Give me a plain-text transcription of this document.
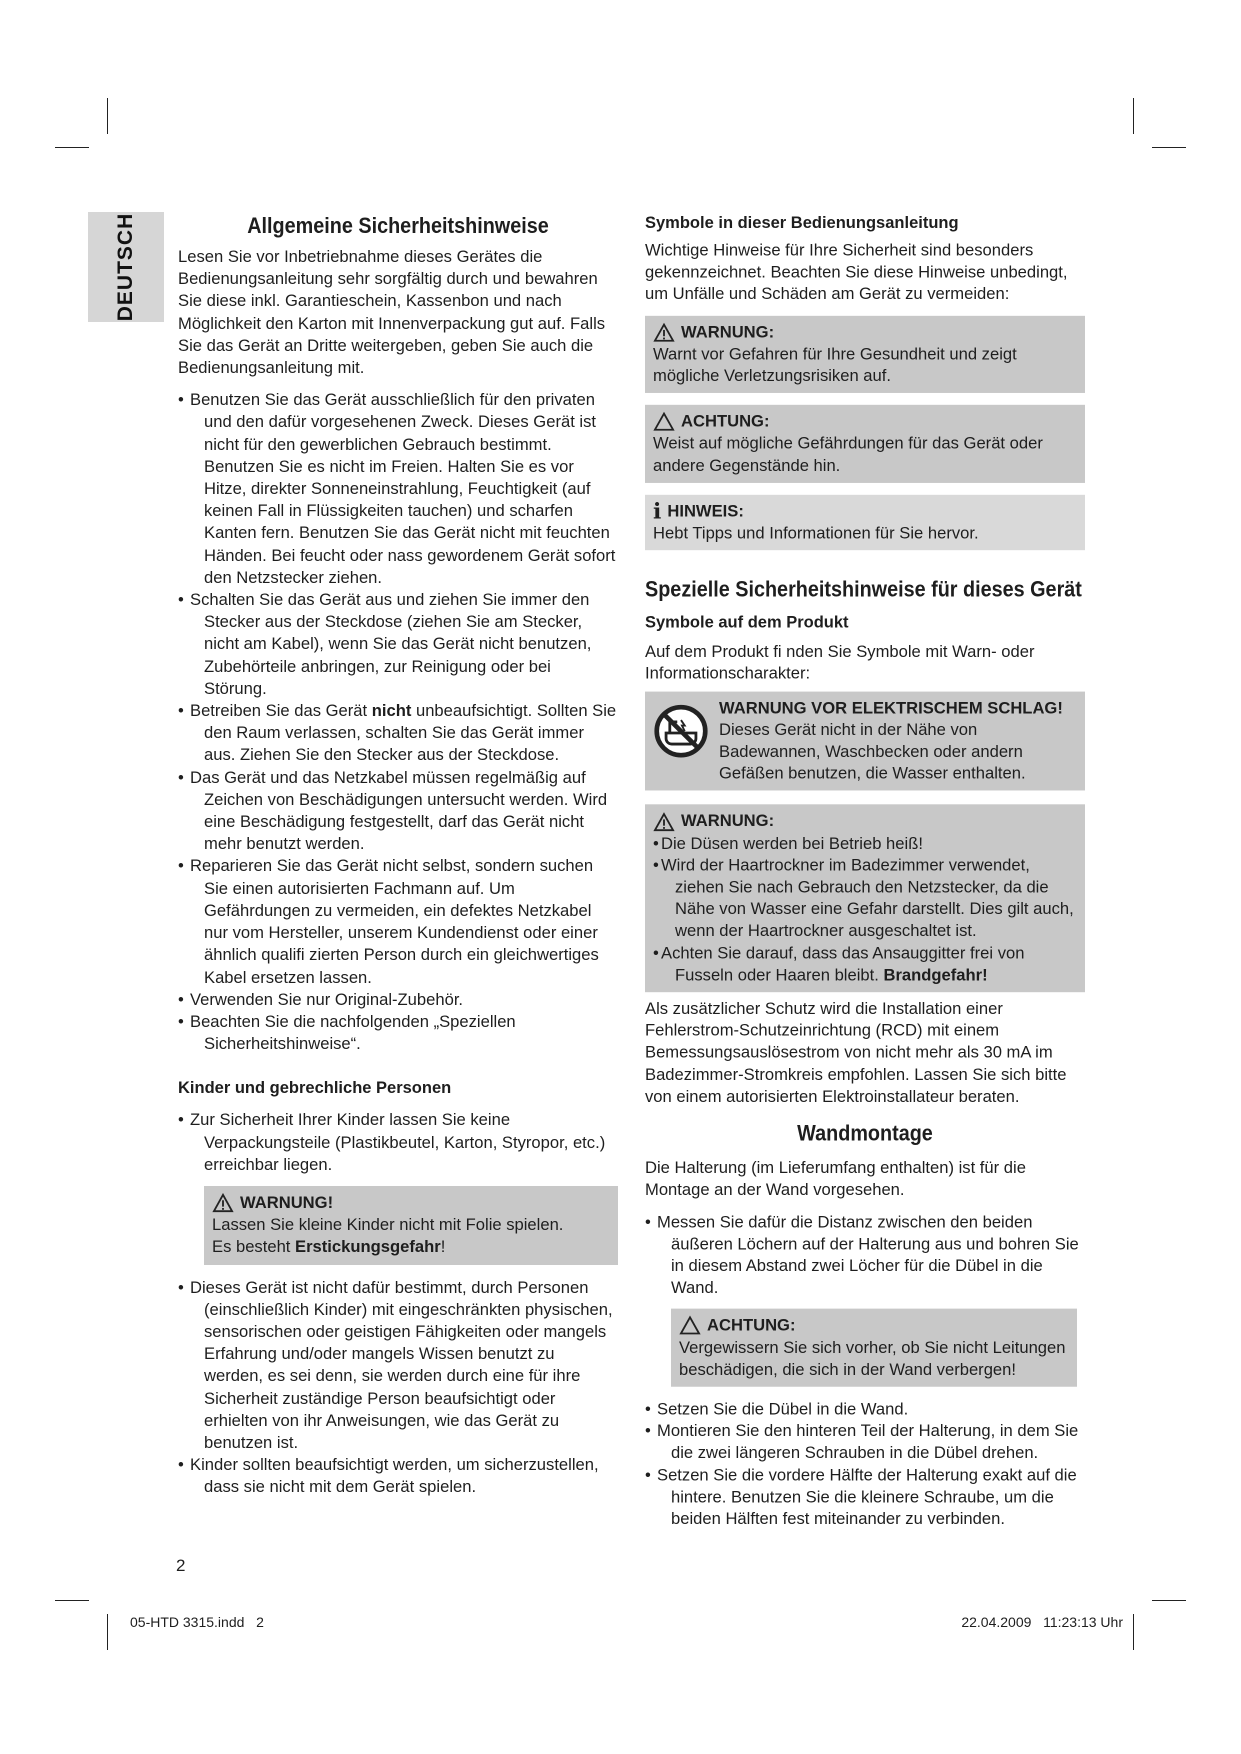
DEUTSCH	Allgemeine Sicherheitshinweise

Lesen Sie vor Inbetriebnahme dieses Gerätes die Bedienungsanleitung sehr sorgfältig durch und bewahren Sie diese inkl. Garantieschein, Kassenbon und nach Möglichkeit den Karton mit Innenverpackung gut auf. Falls Sie das Gerät an Dritte weitergeben, geben Sie auch die Bedienungsanleitung mit.

• Benutzen Sie das Gerät ausschließlich für den privaten und den dafür vorgesehenen Zweck. Dieses Gerät ist nicht für den gewerblichen Gebrauch bestimmt. Benutzen Sie es nicht im Freien. Halten Sie es vor Hitze, direkter Sonneneinstrahlung, Feuchtigkeit (auf keinen Fall in Flüssigkeiten tauchen) und scharfen Kanten fern. Benutzen Sie das Gerät nicht mit feuchten Händen. Bei feucht oder nass gewordenem Gerät sofort den Netzstecker ziehen.
• Schalten Sie das Gerät aus und ziehen Sie immer den Stecker aus der Steckdose (ziehen Sie am Stecker, nicht am Kabel), wenn Sie das Gerät nicht benutzen, Zubehörteile anbringen, zur Reinigung oder bei Störung.
• Betreiben Sie das Gerät nicht unbeaufsichtigt. Sollten Sie den Raum verlassen, schalten Sie das Gerät immer aus. Ziehen Sie den Stecker aus der Steckdose.
• Das Gerät und das Netzkabel müssen regelmäßig auf Zeichen von Beschädigungen untersucht werden. Wird eine Beschädigung festgestellt, darf das Gerät nicht mehr benutzt werden.
• Reparieren Sie das Gerät nicht selbst, sondern suchen Sie einen autorisierten Fachmann auf. Um Gefährdungen zu vermeiden, ein defektes Netzkabel nur vom Hersteller, unserem Kundendienst oder einer ähnlich qualifi zierten Person durch ein gleichwertiges Kabel ersetzen lassen.
• Verwenden Sie nur Original-Zubehör.
• Beachten Sie die nachfolgenden „Speziellen Sicherheitshinweise“.
Kinder und gebrechliche Personen
• Zur Sicherheit Ihrer Kinder lassen Sie keine Verpackungsteile (Plastikbeutel, Karton, Styropor, etc.) erreichbar liegen.
WARNUNG!
Lassen Sie kleine Kinder nicht mit Folie spielen.
Es besteht Erstickungsgefahr!
• Dieses Gerät ist nicht dafür bestimmt, durch Personen (einschließlich Kinder) mit eingeschränkten physischen, sensorischen oder geistigen Fähigkeiten oder mangels Erfahrung und/oder mangels Wissen benutzt zu werden, es sei denn, sie werden durch eine für ihre Sicherheit zuständige Person beaufsichtigt oder erhielten von ihr Anweisungen, wie das Gerät zu benutzen ist.
• Kinder sollten beaufsichtigt werden, um sicherzustellen, dass sie nicht mit dem Gerät spielen.
Symbole in dieser Bedienungsanleitung

Wichtige Hinweise für Ihre Sicherheit sind besonders gekennzeichnet. Beachten Sie diese Hinweise unbedingt, um Unfälle und Schäden am Gerät zu vermeiden:

WARNUNG:
Warnt vor Gefahren für Ihre Gesundheit und zeigt mögliche Verletzungsrisiken auf.
ACHTUNG:
Weist auf mögliche Gefährdungen für das Gerät oder andere Gegenstände hin.
i HINWEIS:
Hebt Tipps und Informationen für Sie hervor.
Spezielle Sicherheitshinweise für dieses Gerät
Symbole auf dem Produkt

Auf dem Produkt fi nden Sie Symbole mit Warn- oder Informationscharakter:

WARNUNG VOR ELEKTRISCHEM SCHLAG!
Dieses Gerät nicht in der Nähe von Badewannen, Waschbecken oder andern Gefäßen benutzen, die Wasser enthalten.
WARNUNG:
• Die Düsen werden bei Betrieb heiß!
• Wird der Haartrockner im Badezimmer verwendet, ziehen Sie nach Gebrauch den Netzstecker, da die Nähe von Wasser eine Gefahr darstellt. Dies gilt auch, wenn der Haartrockner ausgeschaltet ist.
• Achten Sie darauf, dass das Ansauggitter frei von Fusseln oder Haaren bleibt. Brandgefahr!

Als zusätzlicher Schutz wird die Installation einer Fehlerstrom-Schutzeinrichtung (RCD) mit einem Bemessungsauslösestrom von nicht mehr als 30 mA im Badezimmer-Stromkreis empfohlen. Lassen Sie sich bitte von einem autorisierten Elektroinstallateur beraten.

Wandmontage

Die Halterung (im Lieferumfang enthalten) ist für die Montage an der Wand vorgesehen.

• Messen Sie dafür die Distanz zwischen den beiden äußeren Löchern auf der Halterung aus und bohren Sie in diesem Abstand zwei Löcher für die Dübel in die Wand.
ACHTUNG:
Vergewissern Sie sich vorher, ob Sie nicht Leitungen beschädigen, die sich in der Wand verbergen!
• Setzen Sie die Dübel in die Wand.
• Montieren Sie den hinteren Teil der Halterung, in dem Sie die zwei längeren Schrauben in die Dübel drehen.
• Setzen Sie die vordere Hälfte der Halterung exakt auf die hintere. Benutzen Sie die kleinere Schraube, um die beiden Hälften fest miteinander zu verbinden.
2
05-HTD 3315.indd   2	22.04.2009   11:23:13 Uhr
